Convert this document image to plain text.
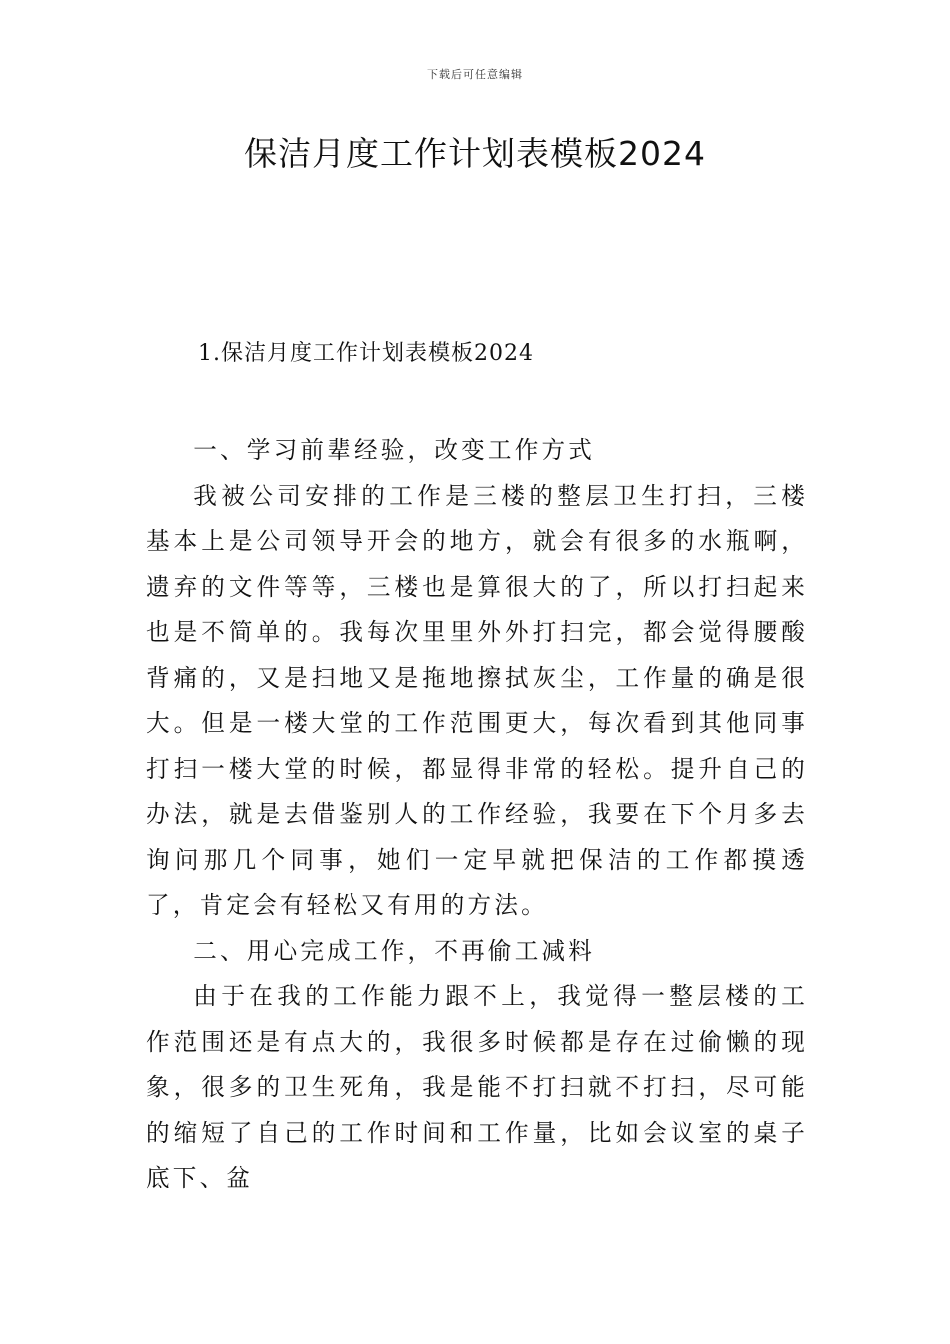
下载后可任意编辑
保洁月度工作计划表模板2024
1.保洁月度工作计划表模板2024

一、学习前辈经验，改变工作方式

我被公司安排的工作是三楼的整层卫生打扫，三楼基本上是公司领导开会的地方，就会有很多的水瓶啊，遗弃的文件等等，三楼也是算很大的了，所以打扫起来也是不简单的。我每次里里外外打扫完，都会觉得腰酸背痛的，又是扫地又是拖地擦拭灰尘，工作量的确是很大。但是一楼大堂的工作范围更大，每次看到其他同事打扫一楼大堂的时候，都显得非常的轻松。提升自己的办法，就是去借鉴别人的工作经验，我要在下个月多去询问那几个同事，她们一定早就把保洁的工作都摸透了，肯定会有轻松又有用的方法。

二、用心完成工作，不再偷工减料

由于在我的工作能力跟不上，我觉得一整层楼的工作范围还是有点大的，我很多时候都是存在过偷懒的现象，很多的卫生死角，我是能不打扫就不打扫，尽可能的缩短了自己的工作时间和工作量，比如会议室的桌子底下、盆
